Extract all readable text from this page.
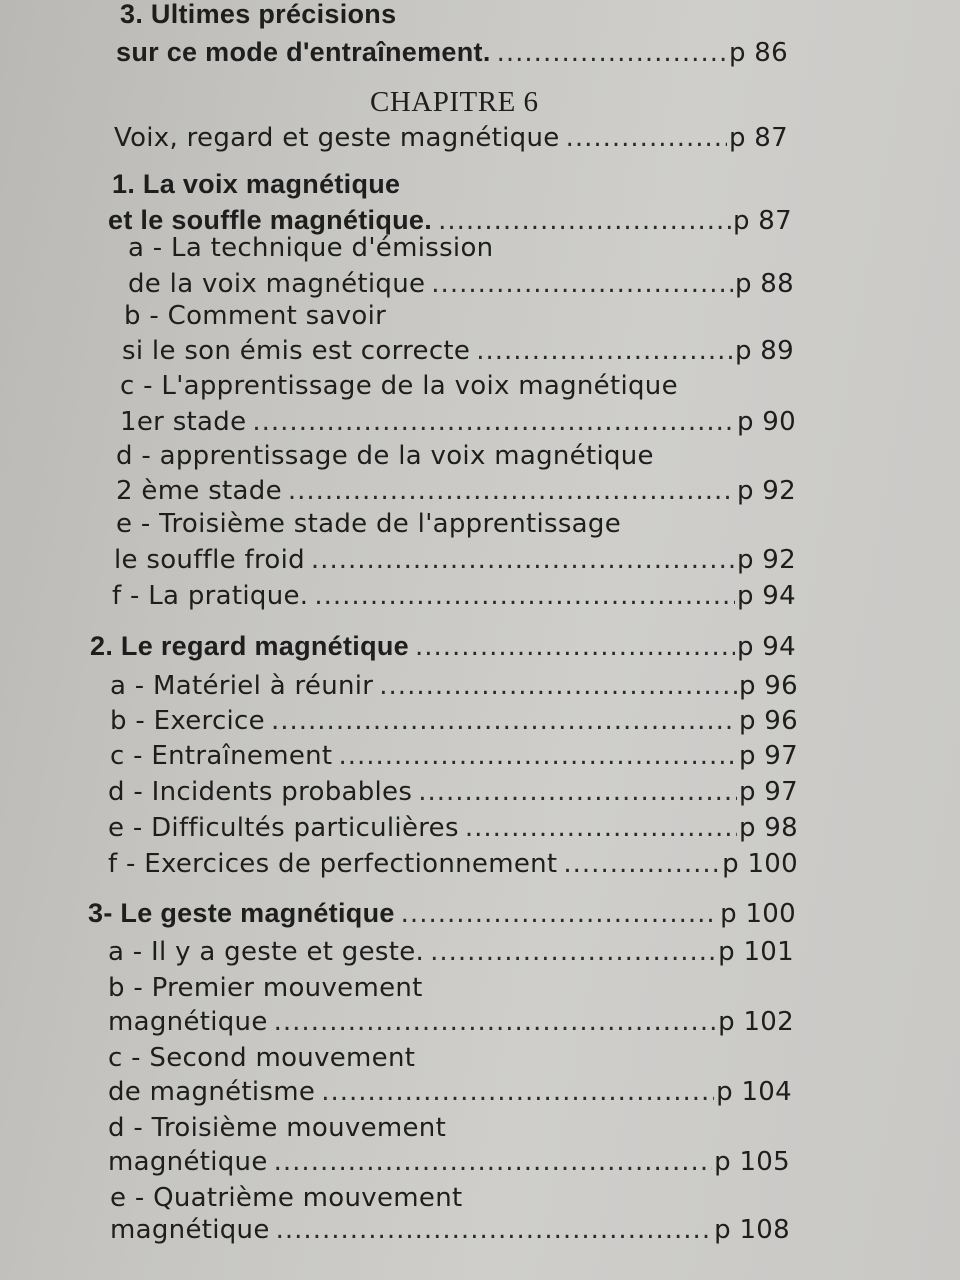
3. Ultimes précisions
sur ce mode d'entraînement. .....	p 86
CHAPITRE 6
Voix, regard et geste magnétique .....	p 87
1. La voix magnétique
et le souffle magnétique. .....	p 87
a - La technique d'émission
de la voix magnétique .....	p 88
b - Comment savoir
si le son émis est correcte .....	p 89
c - L'apprentissage de la voix magnétique
1er stade .....	p 90
d - apprentissage de la voix magnétique
2 ème stade .....	p 92
e - Troisième stade de l'apprentissage
le souffle froid .....	p 92
f - La pratique. .....	p 94
2. Le regard magnétique .....	p 94
a - Matériel à réunir .....	p 96
b - Exercice .....	p 96
c - Entraînement .....	p 97
d - Incidents probables .....	p 97
e - Difficultés particulières .....	p 98
f - Exercices de perfectionnement .....	p 100
3- Le geste magnétique .....	p 100
a - Il y a geste et geste. .....	p 101
b - Premier mouvement
magnétique .....	p 102
c - Second mouvement
de magnétisme .....	p 104
d - Troisième mouvement
magnétique .....	p 105
e - Quatrième mouvement
magnétique .....	p 108
